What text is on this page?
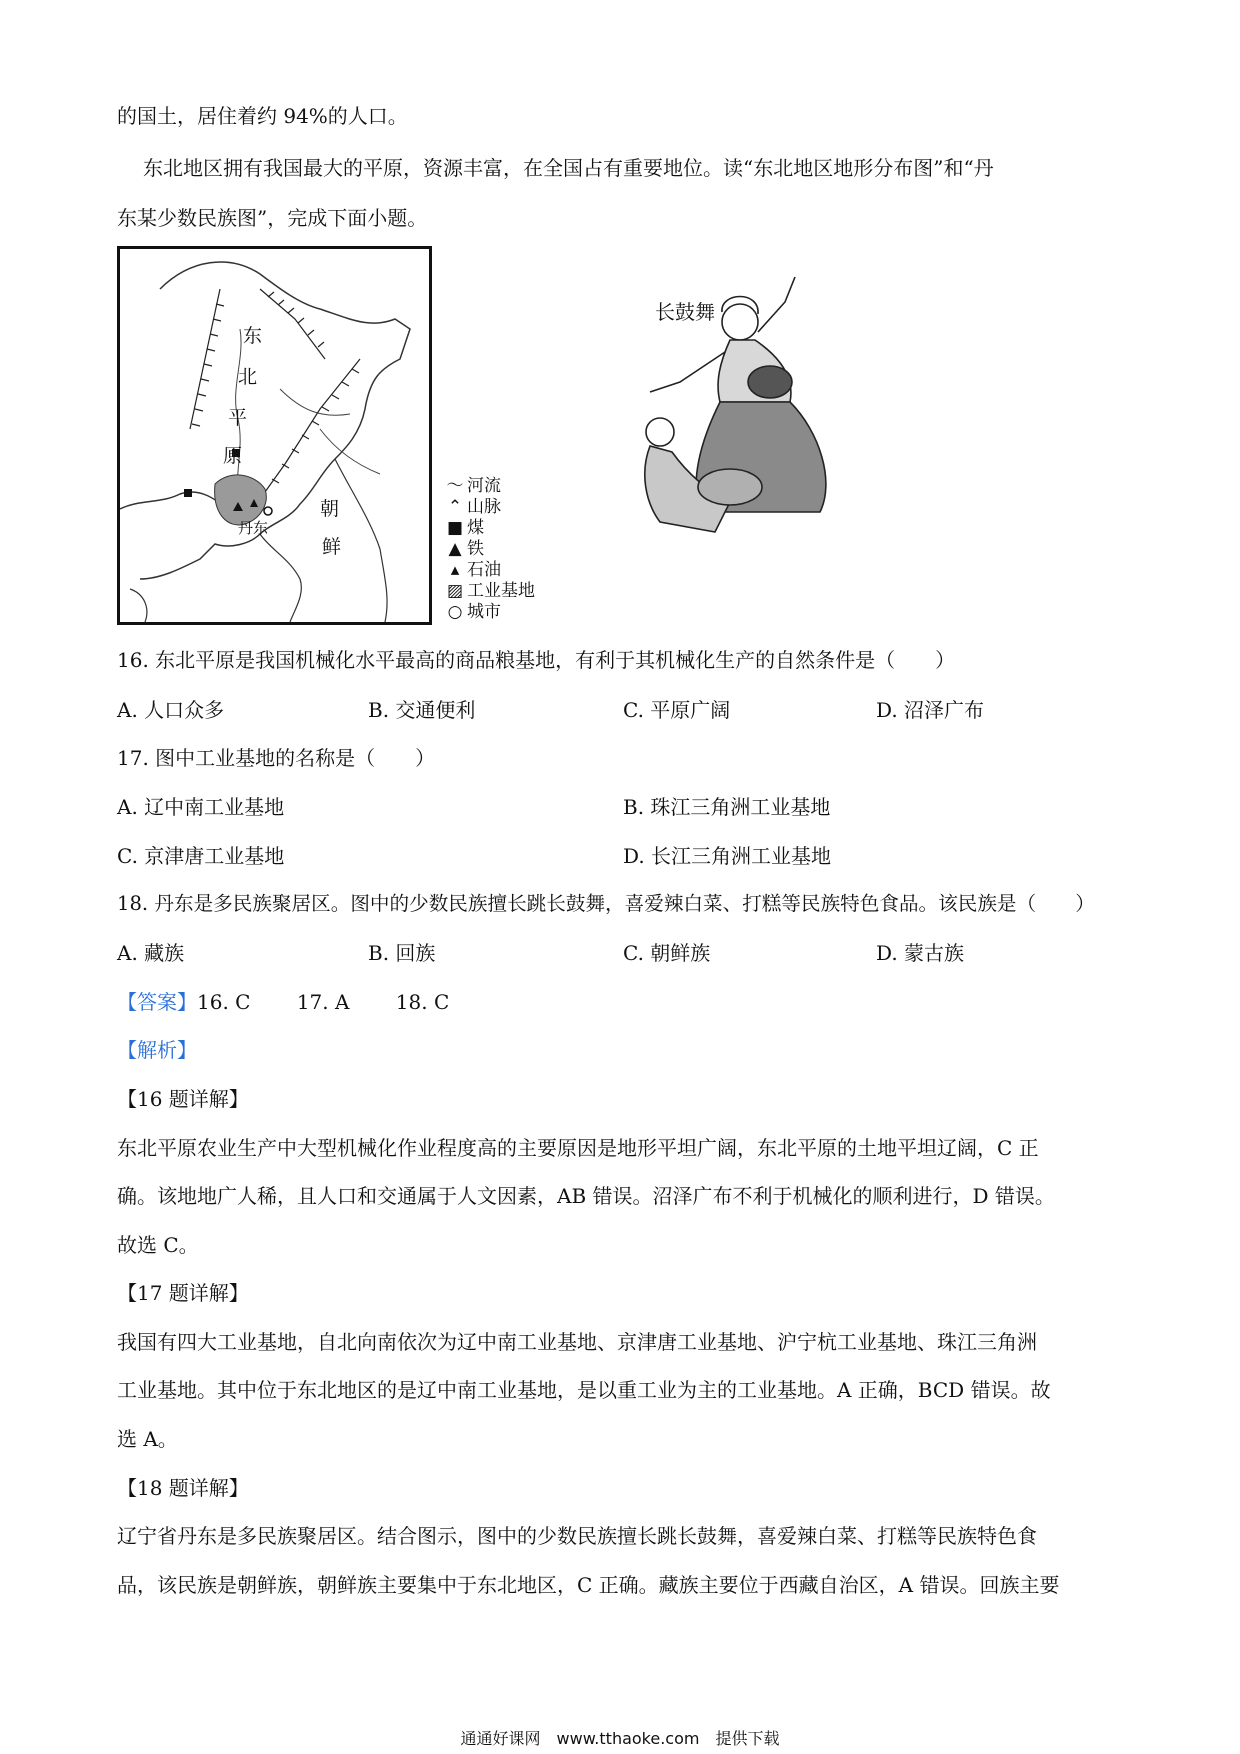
的国土，居住着约 94%的人口。
东北地区拥有我国最大的平原，资源丰富，在全国占有重要地位。读“东北地区地形分布图”和“丹
东某少数民族图”，完成下面小题。
东
北
平
原
朝
鲜
丹东
〜 河流
⌃ 山脉
■ 煤
▲ 铁
▴ 石油
▨ 工业基地
○ 城市
长鼓舞
16. 东北平原是我国机械化水平最高的商品粮基地，有利于其机械化生产的自然条件是（　　）
A. 人口众多	B. 交通便利	C. 平原广阔	D. 沼泽广布
17. 图中工业基地的名称是（　　）
A. 辽中南工业基地	B. 珠江三角洲工业基地
C. 京津唐工业基地	D. 长江三角洲工业基地
18. 丹东是多民族聚居区。图中的少数民族擅长跳长鼓舞，喜爱辣白菜、打糕等民族特色食品。该民族是（　　）
A. 藏族	B. 回族	C. 朝鲜族	D. 蒙古族
【答案】16. C 17. A 18. C
【解析】
【16 题详解】
东北平原农业生产中大型机械化作业程度高的主要原因是地形平坦广阔，东北平原的土地平坦辽阔，C 正
确。该地地广人稀，且人口和交通属于人文因素，AB 错误。沼泽广布不利于机械化的顺利进行，D 错误。
故选 C。
【17 题详解】
我国有四大工业基地，自北向南依次为辽中南工业基地、京津唐工业基地、沪宁杭工业基地、珠江三角洲
工业基地。其中位于东北地区的是辽中南工业基地，是以重工业为主的工业基地。A 正确，BCD 错误。故
选 A。
【18 题详解】
辽宁省丹东是多民族聚居区。结合图示，图中的少数民族擅长跳长鼓舞，喜爱辣白菜、打糕等民族特色食
品，该民族是朝鲜族，朝鲜族主要集中于东北地区，C 正确。藏族主要位于西藏自治区，A 错误。回族主要
通通好课网　www.tthaoke.com　提供下载
